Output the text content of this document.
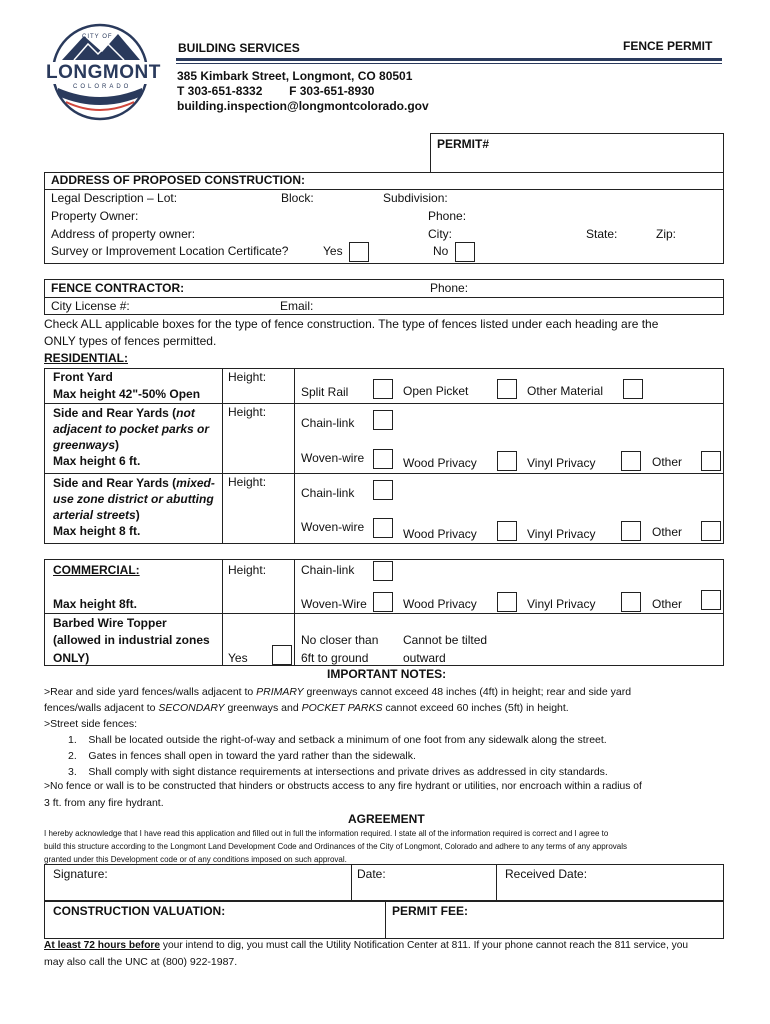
CITY OF
LONGMONT
COLORADO
BUILDING SERVICES	FENCE PERMIT
385 Kimbark Street, Longmont, CO 80501
T 303-651-8332        F 303-651-8930
building.inspection@longmontcolorado.gov
PERMIT#
ADDRESS OF PROPOSED CONSTRUCTION:
Legal Description – Lot:	Block:	Subdivision:
Property Owner:	Phone:
Address of property owner:	City:	State:	Zip:
Survey or Improvement Location Certificate?	Yes	No
FENCE CONTRACTOR:	Phone:
City License #:	Email:
Check ALL applicable boxes for the type of fence construction. The type of fences listed under each heading are the
ONLY types of fences permitted.
RESIDENTIAL:
Front Yard
Max height 42"-50% Open
Height:
Split Rail	Open Picket	Other Material
Side and Rear Yards (not adjacent to pocket parks or greenways)
Max height 6 ft.
Height:
Chain-link
Woven-wire	Wood Privacy	Vinyl Privacy	Other
Side and Rear Yards (mixed-use zone district or abutting arterial streets)
Max height 8 ft.
Height:
Chain-link
Woven-wire	Wood Privacy	Vinyl Privacy	Other
COMMERCIAL:
Max height 8ft.
Height:	Chain-link
Woven-Wire	Wood Privacy	Vinyl Privacy	Other
Barbed Wire Topper
(allowed in industrial zones
ONLY)	Yes
No closer than
6ft to ground
Cannot be tilted
outward
IMPORTANT NOTES:
>Rear and side yard fences/walls adjacent to PRIMARY greenways cannot exceed 48 inches (4ft) in height; rear and side yard
fences/walls adjacent to SECONDARY greenways and POCKET PARKS cannot exceed 60 inches (5ft) in height.
>Street side fences:
1.    Shall be located outside the right-of-way and setback a minimum of one foot from any sidewalk along the street.
2.    Gates in fences shall open in toward the yard rather than the sidewalk.
3.    Shall comply with sight distance requirements at intersections and private drives as addressed in city standards.
>No fence or wall is to be constructed that hinders or obstructs access to any fire hydrant or utilities, nor encroach within a radius of
3 ft. from any fire hydrant.
AGREEMENT
I hereby acknowledge that I have read this application and filled out in full the information required. I state all of the information required is correct and I agree to
build this structure according to the Longmont Land Development Code and Ordinances of the City of Longmont, Colorado and adhere to any terms of any approvals
granted under this Development code or of any conditions imposed on such approval.
Signature:	Date:	Received Date:
CONSTRUCTION VALUATION:	PERMIT FEE:
At least 72 hours before your intend to dig, you must call the Utility Notification Center at 811. If your phone cannot reach the 811 service, you
may also call the UNC at (800) 922-1987.
